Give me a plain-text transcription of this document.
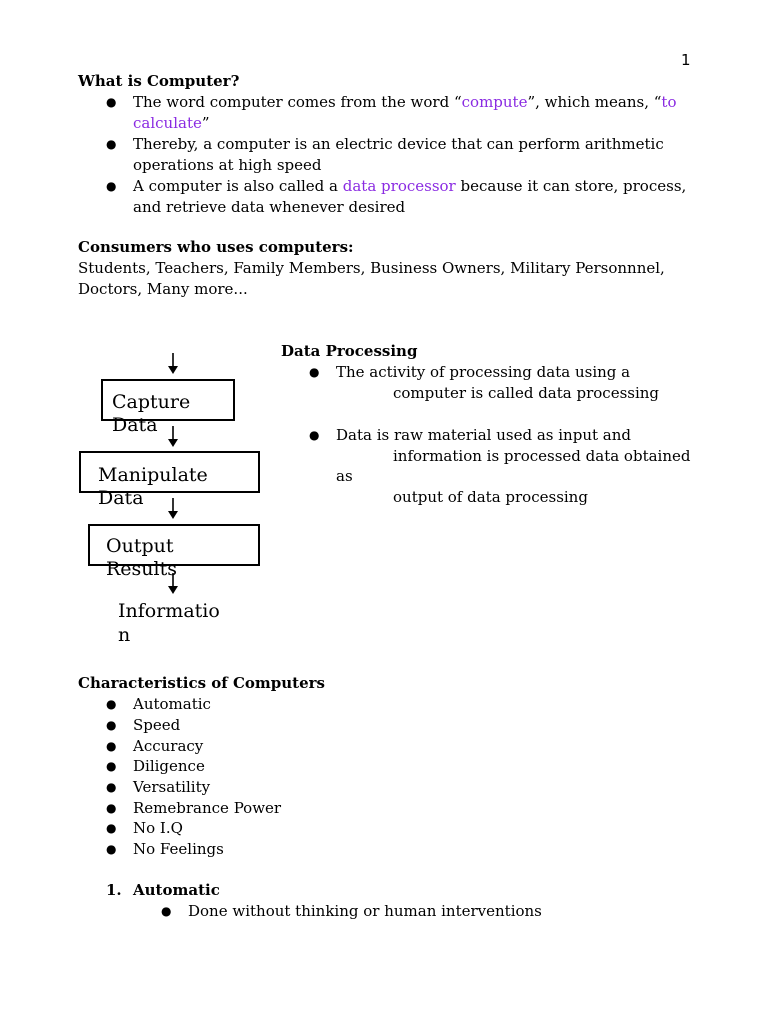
1
What is Computer?
● The word computer comes from the word “compute”, which means, “to
calculate”
● Thereby, a computer is an electric device that can perform arithmetic
operations at high speed
● A computer is also called a data processor because it can store, process,
and retrieve data whenever desired
Consumers who uses computers:
Students, Teachers, Family Members, Business Owners, Military Personnnel,
Doctors, Many more...
Capture
Data
Manipulate
Data
Output
Results
Informatio
n
Data Processing
● The activity of processing data using a
computer is called data processing
● Data is raw material used as input and
information is processed data obtained
as
output of data processing
Characteristics of Computers
● Automatic
● Speed
● Accuracy
● Diligence
● Versatility
● Remebrance Power
● No I.Q
● No Feelings
1. Automatic
● Done without thinking or human interventions
